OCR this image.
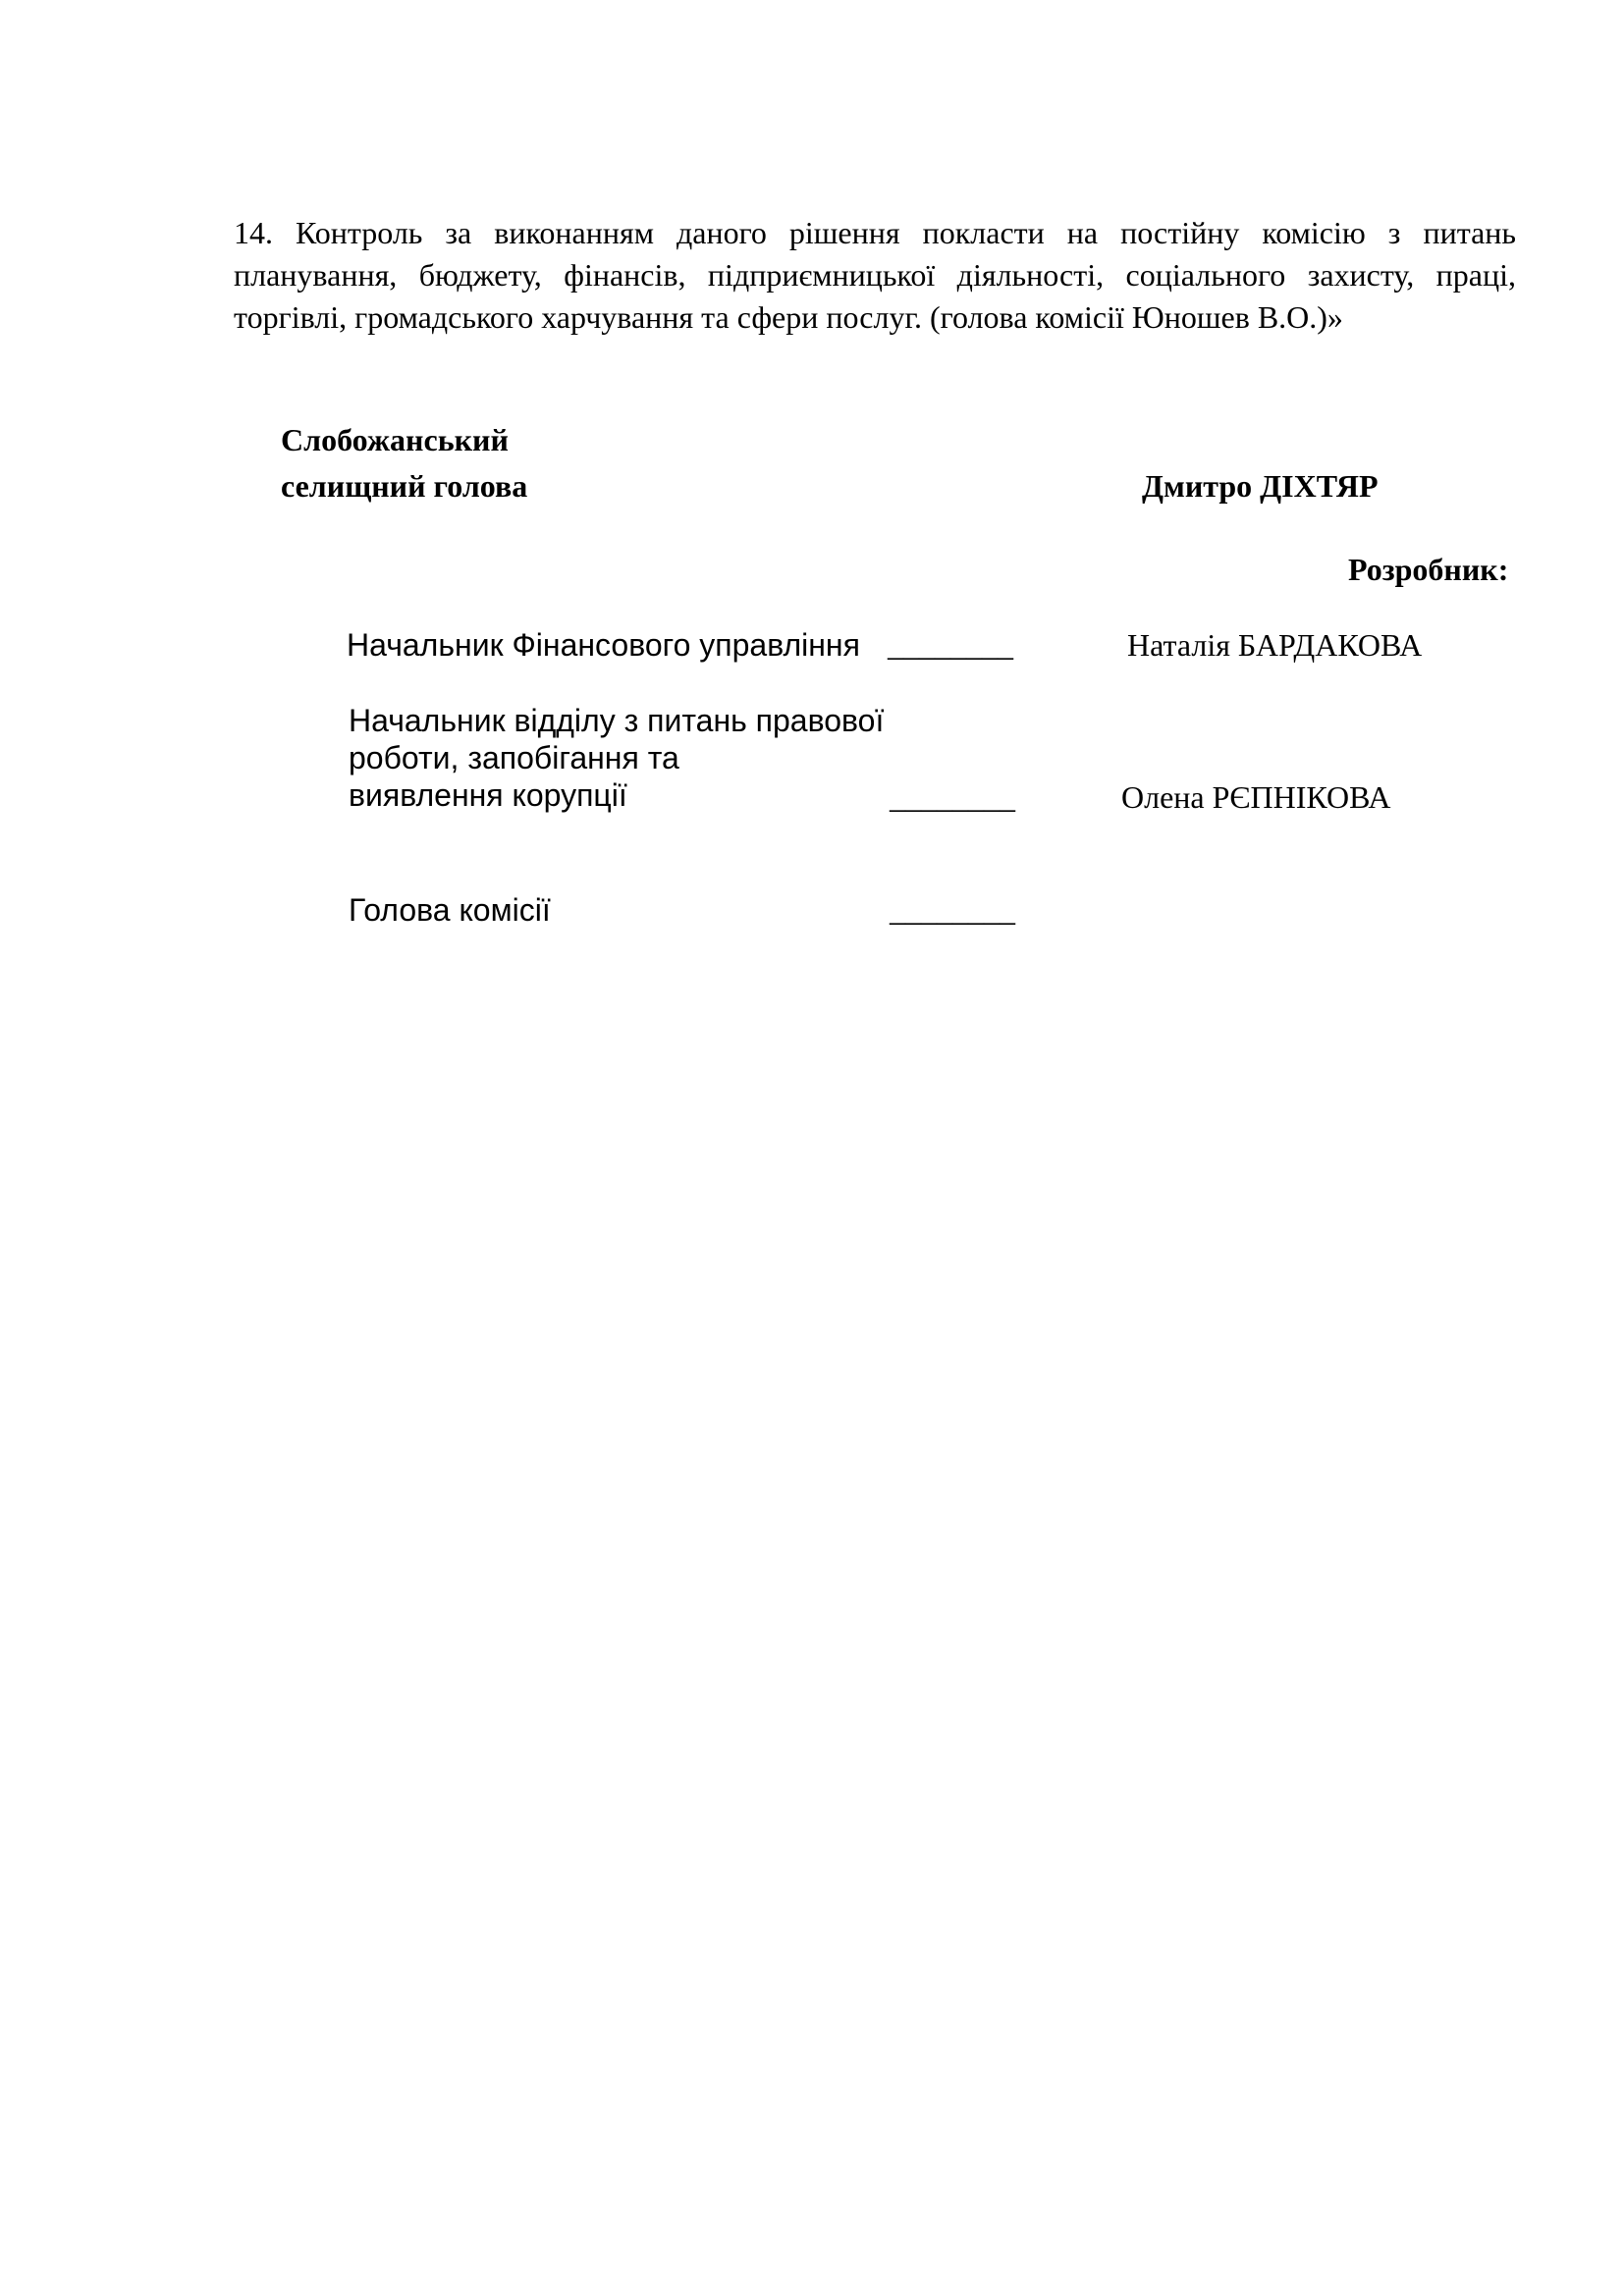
14. Контроль за виконанням даного рішення покласти на постійну комісію з питань планування, бюджету, фінансів, підприємницької діяльності, соціального захисту, праці, торгівлі, громадського харчування та сфери послуг. (голова комісії Юношев В.О.)»

Слобожанський
селищний голова	Дмитро ДІХТЯР
Розробник:
Начальник Фінансового управління ________	Наталія БАРДАКОВА
Начальник відділу з питань правової
роботи, запобігання та
виявлення корупції	________	Олена РЄПНІКОВА
Голова комісії	________
